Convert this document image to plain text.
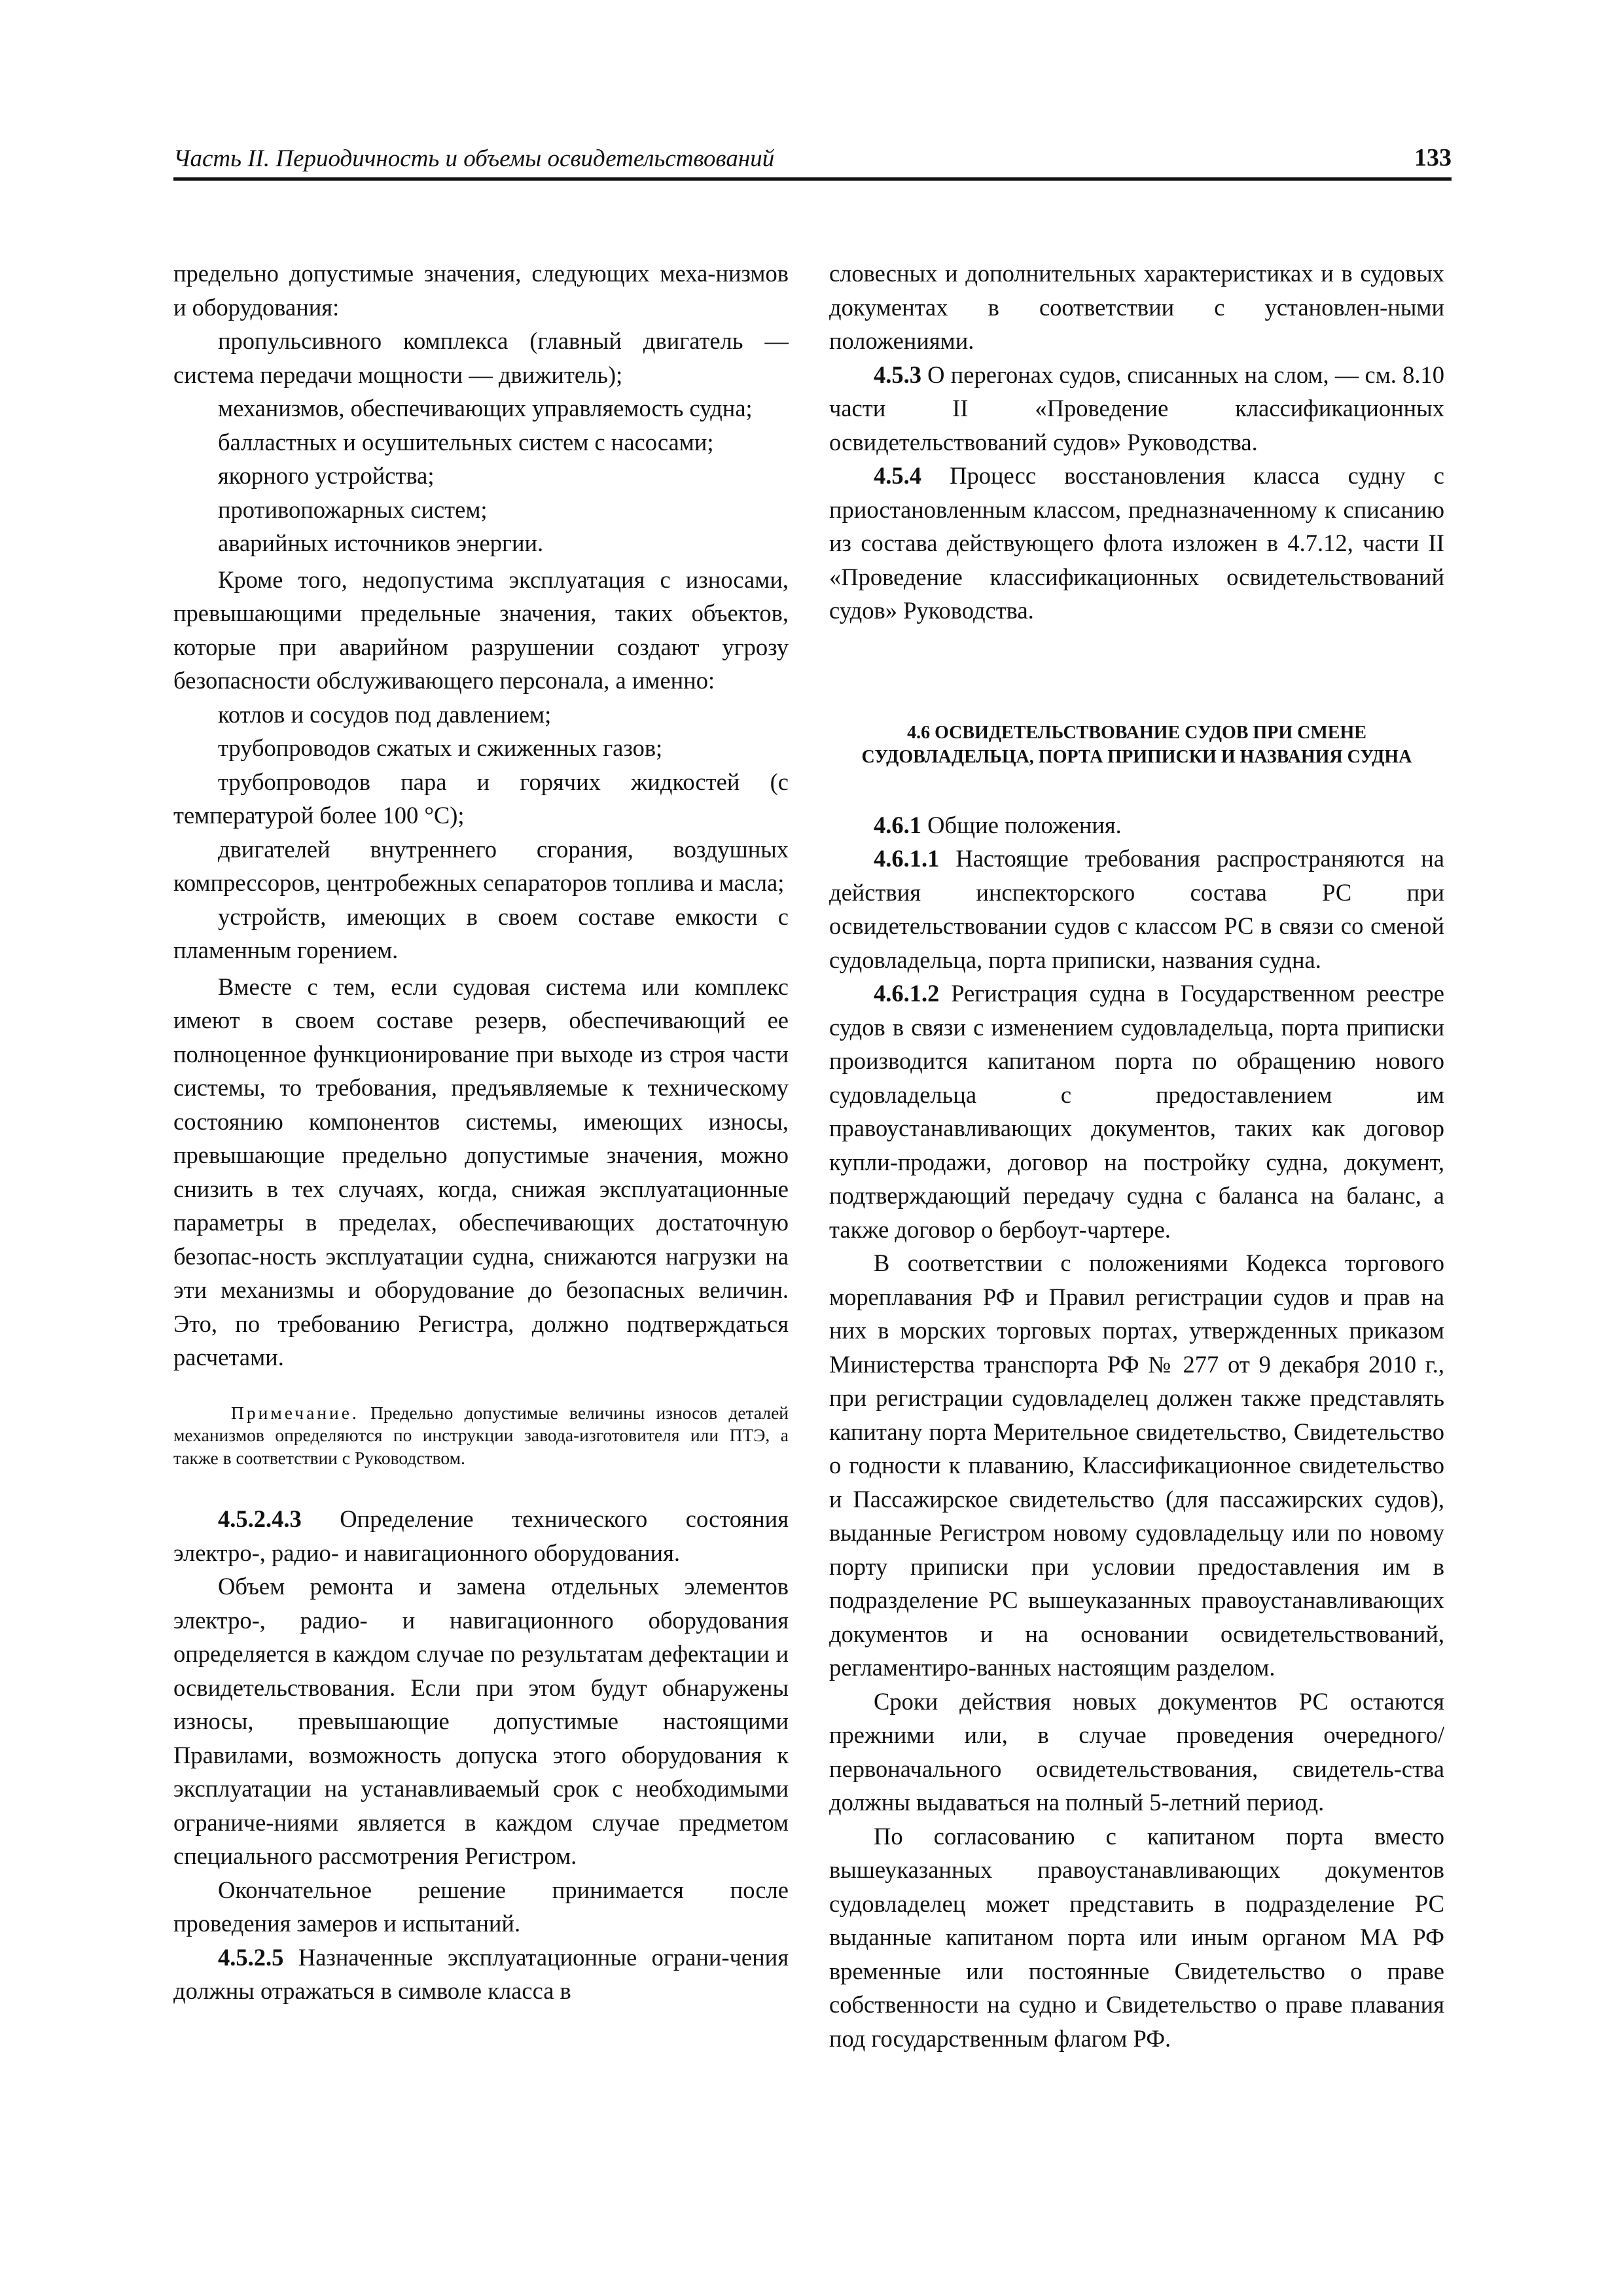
Часть II. Периодичность и объемы освидетельствований	133

предельно допустимые значения, следующих меха-низмов и оборудования:

пропульсивного комплекса (главный двигатель — система передачи мощности — движитель);

механизмов, обеспечивающих управляемость судна;

балластных и осушительных систем с насосами;

якорного устройства;

противопожарных систем;

аварийных источников энергии.

Кроме того, недопустима эксплуатация с износами, превышающими предельные значения, таких объектов, которые при аварийном разрушении создают угрозу безопасности обслуживающего персонала, а именно:

котлов и сосудов под давлением;

трубопроводов сжатых и сжиженных газов;

трубопроводов пара и горячих жидкостей (с температурой более 100 °С);

двигателей внутреннего сгорания, воздушных компрессоров, центробежных сепараторов топлива и масла;

устройств, имеющих в своем составе емкости с пламенным горением.

Вместе с тем, если судовая система или комплекс имеют в своем составе резерв, обеспечивающий ее полноценное функционирование при выходе из строя части системы, то требования, предъявляемые к техническому состоянию компонентов системы, имеющих износы, превышающие предельно допустимые значения, можно снизить в тех случаях, когда, снижая эксплуатационные параметры в пределах, обеспечивающих достаточную безопас-ность эксплуатации судна, снижаются нагрузки на эти механизмы и оборудование до безопасных величин. Это, по требованию Регистра, должно подтверждаться расчетами.

Примечание. Предельно допустимые величины износов деталей механизмов определяются по инструкции завода-изготовителя или ПТЭ, а также в соответствии с Руководством.

4.5.2.4.3 Определение технического состояния электро-, радио- и навигационного оборудования.

Объем ремонта и замена отдельных элементов электро-, радио- и навигационного оборудования определяется в каждом случае по результатам дефектации и освидетельствования. Если при этом будут обнаружены износы, превышающие допустимые настоящими Правилами, возможность допуска этого оборудования к эксплуатации на устанавливаемый срок с необходимыми ограниче-ниями является в каждом случае предметом специального рассмотрения Регистром.

Окончательное решение принимается после проведения замеров и испытаний.

4.5.2.5 Назначенные эксплуатационные ограни-чения должны отражаться в символе класса в

словесных и дополнительных характеристиках и в судовых документах в соответствии с установлен-ными положениями.

4.5.3 О перегонах судов, списанных на слом, — см. 8.10 части II «Проведение классификационных освидетельствований судов» Руководства.

4.5.4 Процесс восстановления класса судну с приостановленным классом, предназначенному к списанию из состава действующего флота изложен в 4.7.12, части II «Проведение классификационных освидетельствований судов» Руководства.

4.6 ОСВИДЕТЕЛЬСТВОВАНИЕ СУДОВ ПРИ СМЕНЕ СУДОВЛАДЕЛЬЦА, ПОРТА ПРИПИСКИ И НАЗВАНИЯ СУДНА

4.6.1 Общие положения.

4.6.1.1 Настоящие требования распространяются на действия инспекторского состава РС при освидетельствовании судов с классом РС в связи со сменой судовладельца, порта приписки, названия судна.

4.6.1.2 Регистрация судна в Государственном реестре судов в связи с изменением судовладельца, порта приписки производится капитаном порта по обращению нового судовладельца с предоставлением им правоустанавливающих документов, таких как договор купли-продажи, договор на постройку судна, документ, подтверждающий передачу судна с баланса на баланс, а также договор о бербоут-чартере.

В соответствии с положениями Кодекса торгового мореплавания РФ и Правил регистрации судов и прав на них в морских торговых портах, утвержденных приказом Министерства транспорта РФ № 277 от 9 декабря 2010 г., при регистрации судовладелец должен также представлять капитану порта Мерительное свидетельство, Свидетельство о годности к плаванию, Классификационное свидетельство и Пассажирское свидетельство (для пассажирских судов), выданные Регистром новому судовладельцу или по новому порту приписки при условии предоставления им в подразделение РС вышеуказанных правоустанавливающих документов и на основании освидетельствований, регламентиро-ванных настоящим разделом.

Сроки действия новых документов РС остаются прежними или, в случае проведения очередного/ первоначального освидетельствования, свидетель-ства должны выдаваться на полный 5-летний период.

По согласованию с капитаном порта вместо вышеуказанных правоустанавливающих документов судовладелец может представить в подразделение РС выданные капитаном порта или иным органом МА РФ временные или постоянные Свидетельство о праве собственности на судно и Свидетельство о праве плавания под государственным флагом РФ.
